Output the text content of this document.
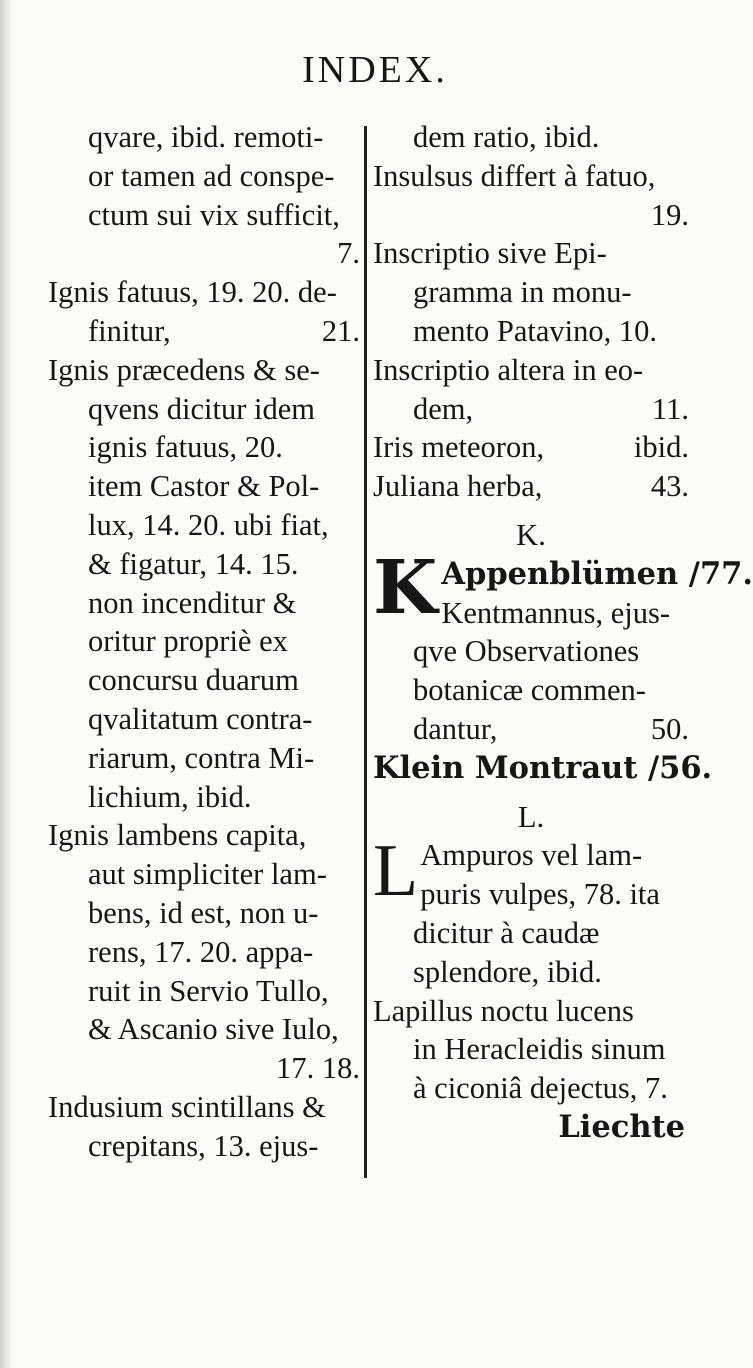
INDEX.
qvare, ibid. remoti-
or tamen ad conspe-
ctum sui vix sufficit,
7.
Ignis fatuus, 19. 20. de-
finitur,	21.
Ignis præcedens & se-
qvens dicitur idem
ignis fatuus, 20.
item Castor & Pol-
lux, 14. 20. ubi fiat,
& figatur, 14. 15.
non incenditur &
oritur propriè ex
concursu duarum
qvalitatum contra-
riarum, contra Mi-
lichium, ibid.
Ignis lambens capita,
aut simpliciter lam-
bens, id est, non u-
rens, 17. 20. appa-
ruit in Servio Tullo,
& Ascanio sive Iulo,
17. 18.
Indusium scintillans &
crepitans, 13. ejus-
dem ratio, ibid.
Insulsus differt à fatuo,
19.
Inscriptio sive Epi-
gramma in monu-
mento Patavino, 10.
Inscriptio altera in eo-
dem,	11.
Iris meteoron,	ibid.
Juliana herba,	43.
K.
K Appenblümen / 77.
Kentmannus, ejus-
qve Observationes
botanicæ commen-
dantur,	50.
Klein Montraut / 56.
L.
L Ampuros vel lam-
puris vulpes, 78. ita
dicitur à caudæ
splendore, ibid.
Lapillus noctu lucens
in Heracleidis sinum
à ciconiâ dejectus, 7.
Liechte
